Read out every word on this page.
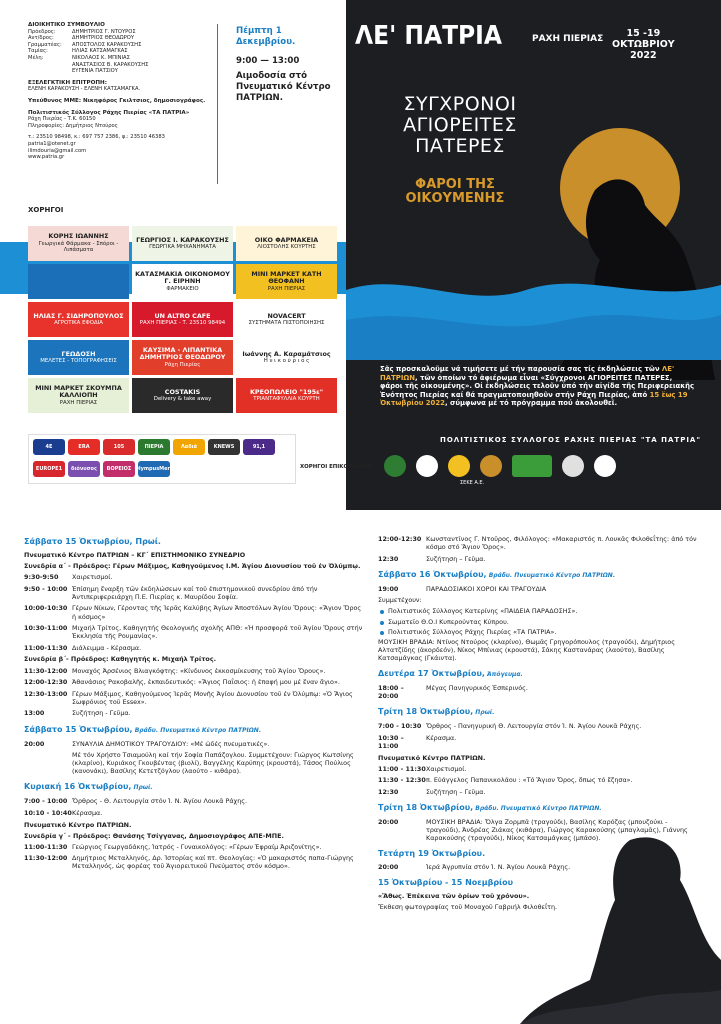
ΔΙΟΙΚΗΤΙΚΟ ΣΥΜΒΟΥΛΙΟ
Πρόεδρος:	ΔΗΜΗΤΡΙΟΣ Γ. ΝΤΟΥΡΟΣ
Αντ/δρος:	ΔΗΜΗΤΡΙΟΣ ΘΕΟΔΩΡΟΥ
Γραμματέας:	ΑΠΟΣΤΟΛΟΣ ΚΑΡΑΚΟΥΣΗΣ
Ταμίας:	ΗΛΙΑΣ ΚΑΤΣΑΜΑΓΚΑΣ
Μέλη:	ΝΙΚΟΛΑΟΣ Κ. ΜΠΙΝΙΑΣ
ΑΝΑΣΤΑΣΙΟΣ Β. ΚΑΡΑΚΟΥΣΗΣ
ΕΥΓΕΝΙΑ ΠΑΤΣΙΟΥ
ΕΞΕΛΕΓΚΤΙΚΗ ΕΠΙΤΡΟΠΗ:
ΕΛΕΝΗ ΚΑΡΑΚΟΥΣΗ - ΕΛΕΝΗ ΚΑΤΣΑΜΑΓΚΑ.
Υπεύθυνος ΜΜΕ: Νικηφόρος Γκιλτσιος, δημοσιογράφος.
Πολιτιστικός Σύλλογος Ράχης Πιερίας «ΤΑ ΠΑΤΡΙΑ»
Ράχη Πιερίας - Τ.Κ. 60150
Πληροφορίες: Δημήτριος Ντούρος
τ.: 23510 98498, κ.: 697 757 2386, φ.: 23510 46383
patria1@otenet.gr
ilimdouria@gmail.com
www.patria.gr
Πέμπτη 1 Δεκεμβρίου.
9:00 — 13:00
Αιμοδοσία στό Πνευματικό Κέντρο ΠΑΤΡΙΩΝ.
ΛΕ' ΠΑΤΡΙΑ	ΡΑΧΗ ΠΙΕΡΙΑΣ	15 -19
ΟΚΤΩΒΡΙΟΥ
2022
ΣΥΓΧΡΟΝΟΙ ΑΓΙΟΡΕΙΤΕΣ ΠΑΤΕΡΕΣ
ΦΑΡΟΙ ΤΗΣ ΟΙΚΟΥΜΕΝΗΣ
Σᾶς προσκαλοῦμε νά τιμήσετε μέ τήν παρουσία σας τίς ἐκδηλώσεις τῶν ΛΕ' ΠΑΤΡΙΩΝ, τῶν ὁποίων τό ἀφιέρωμα εἶναι «Σύγχρονοι ΑΓΙΟΡΕΙΤΕΣ ΠΑΤΕΡΕΣ, φάροι τῆς οἰκουμένης». Οἱ ἐκδηλώσεις τελοῦν ὑπό τήν αἰγίδα τῆς Περιφερειακῆς Ἑνότητος Πιερίας καί θά πραγματοποιηθοῦν στήν Ράχη Πιερίας, ἀπό 15 ἕως 19 Ὀκτωβρίου 2022, σύμφωνα μέ τό πρόγραμμα πού ἀκολουθεῖ.
ΠΟΛΙΤΙΣΤΙΚΟΣ ΣΥΛΛΟΓΟΣ ΡΑΧΗΣ ΠΙΕΡΙΑΣ "ΤΑ ΠΑΤΡΙΑ"
ΣΕΚΕ Α.Ε.
ΧΟΡΗΓΟΙ
ΚΟΡΗΣ ΙΩΑΝΝΗΣ
Γεωργικά Φάρμακα - Σπόροι - Λιπάσματα
ΓΕΩΡΓΙΟΣ Ι. ΚΑΡΑΚΟΥΣΗΣ
ΓΕΩΡΓΙΚΑ ΜΗΧΑΝΗΜΑΤΑ
ΟΙΚΟ ΦΑΡΜΑΚΕΙΑ
ΛΙΟΣΤΟΛΗΣ ΚΟΥΡΤΗΣ
ΚΑΤΑΣΜΑΚΙΑ ΟΙΚΟΝΟΜΟΥ Γ. ΕΙΡΗΝΗ
ΦΑΡΜΑΚΕΙΟ
MINI ΜΑΡΚΕΤ ΚΑΤΗ ΘΕΟΦΑΝΗ
ΡΑΧΗ ΠΙΕΡΙΑΣ
ΗΛΙΑΣ Γ. ΣΙΔΗΡΟΠΟΥΛΟΣ
ΑΓΡΟΤΙΚΑ ΕΦΟΔΙΑ
UN ALTRO CAFE
ΡΑΧΗ ΠΙΕΡΙΑΣ - Τ. 23510 98494
NOVACERT
ΣΥΣΤΗΜΑΤΑ ΠΙΣΤΟΠΟΙΗΣΗΣ
ΓΕΩΔΟΣΗ
ΜΕΛΕΤΕΣ - ΤΟΠΟΓΡΑΦΗΣΕΙΣ
ΚΑΥΣΙΜΑ - ΛΙΠΑΝΤΙΚΑ ΔΗΜΗΤΡΙΟΣ ΘΕΟΔΩΡΟΥ
Ράχη Πιερίας
Ιωάννης Α. Καραμάτσιος
Η ν ι κ ο ύ ρ ι ο ς
MINI ΜΑΡΚΕΤ ΣΚΟΥΜΠΑ ΚΑΛΛΙΟΠΗ
ΡΑΧΗ ΠΙΕΡΙΑΣ
COSTAKIS
Delivery & take away
ΚΡΕΟΠΩΛΕΙΟ "195ε"
ΤΡΙΑΝΤΑΦΥΛΛΙΑ ΚΟΥΡΤΗ
4E	ERA	105	ΠΙΕΡΙΑ	Λαδιά	KNEWS	91,1
EUROPE1	διόνυσος	ΒΟΡΕΙΟΣ OlympusMera	ΧΟΡΗΓΟΙ ΕΠΙΚΟΙΝΩΝΙΑΣ
Σάββατο 15 Ὀκτωβρίου, Πρωί.
Πνευματικό Κέντρο ΠΑΤΡΙΩΝ – ΚΓ΄ ΕΠΙΣΤΗΜΟΝΙΚΟ ΣΥΝΕΔΡΙΟ
Συνεδρία α΄ - Πρόεδρος: Γέρων Μάξιμος, Καθηγούμενος Ι.Μ. Ἁγίου Διονυσίου τοῦ ἐν Ὀλύμπῳ.
9:30-9:50	Χαιρετισμοί.
9:50 - 10:00 Ἐπίσημη ἔναρξη τῶν ἐκδηλώσεων καί τοῦ ἐπιστημονικοῦ συνεδρίου ἀπό τήν Ἀντιπεριφερειάρχη Π.Ε. Πιερίας κ. Μαυρίδου Σοφία.
10:00-10:30 Γέρων Νίκων, Γέροντας τῆς Ἱερᾶς Καλύβης Ἁγίων Ἀποστόλων Ἁγίου Ὄρους: «Ἅγιον Ὄρος ἡ κόσμος»
10:30-11:00 Μιχαήλ Τρίτος, Καθηγητής Θεολογικῆς σχολῆς ΑΠΘ: «Ἡ προσφορά τοῦ Ἁγίου Ὄρους στήν Ἐκκλησία τῆς Ρουμανίας».
11:00-11:30 Διάλειμμα - Κέρασμα.
Συνεδρία β΄- Πρόεδρος: Καθηγητής κ. Μιχαήλ Τρίτος.
11:30-12:00 Μοναχός Ἀρσένιος Βλιαγκόφτης: «Κίνδυνος ἐκκοσμίκευσης τοῦ Ἁγίου Ὄρους».
12:00-12:30 Ἀθανάσιος Ρακοβαλῆς, ἐκπαιδευτικός: «Ἅγιος Παΐσιος: ἡ ἐπαφή μου μέ ἕναν ἅγιο».
12:30-13:00 Γέρων Μάξιμος, Καθηγούμενος Ἱερᾶς Μονῆς Ἁγίου Διονυσίου τοῦ ἐν Ὀλύμπῳ: «Ὁ Ἅγιος Σωφρόνιος τοῦ Essex».
13:00	Συζήτηση - Γεῦμα.
Σάββατο 15 Ὀκτωβρίου, Βράδυ. Πνευματικό Κέντρο ΠΑΤΡΙΩΝ.
20:00	ΣΥΝΑΥΛΙΑ ΔΗΜΟΤΙΚΟΥ ΤΡΑΓΟΥΔΙΟΥ: «Μέ ὠδές πνευματικές».
Μέ τόν Χρήστο Τσιαμούλη καί τήν Σοφία Παπάζογλου. Συμμετέχουν: Γιώργος Κωτσίνης (κλαρίνο), Κυριάκος Γκουβέντας (βιολί), Βαγγέλης Καρύπης (κρουστά), Τάσος Πούλιος (κανονάκι), Βασίλης Κετετζόγλου (λαούτο - κιθάρα).
Κυριακή 16 Ὀκτωβρίου, Πρωί.
7:00 - 10:00 Ὄρθρος - Θ. Λειτουργία στόν Ἱ. Ν. Ἁγίου Λουκᾶ Ράχης.
10:10 - 10:40 Κέρασμα.
Πνευματικό Κέντρο ΠΑΤΡΙΩΝ.
Συνεδρία γ΄ - Πρόεδρος: Θανάσης Τσίγγανας, Δημοσιογράφος ΑΠΕ-ΜΠΕ.
11:00-11:30 Γεώργιος Γεωργαδάκης, Ἰατρός - Γυναικολόγος: «Γέρων Ἐφραίμ Ἀριζονίτης».
11:30-12:00 Δημήτριος Μεταλληνός, Δρ. Ἱστορίας καί πτ. Θεολογίας: «Ὁ μακαριστός παπα-Γιώργης Μεταλληνός, ὡς φορέας τοῦ Ἁγιορειτικοῦ Πνεύματος στόν κόσμο».
12:00-12:30 Κωνσταντῖνος Γ. Ντοῦρος, Φιλόλογος: «Μακαριστός π. Λουκᾶς Φιλοθεΐτης: ἀπό τόν κόσμο στό Ἅγιον Ὄρος».
12:30	Συζήτηση – Γεῦμα.
Σάββατο 16 Ὀκτωβρίου, Βράδυ. Πνευματικό Κέντρο ΠΑΤΡΙΩΝ.
19:00	ΠΑΡΑΔΟΣΙΑΚΟΙ ΧΟΡΟΙ ΚΑΙ ΤΡΑΓΟΥΔΙΑ
Συμμετέχουν:
Πολιτιστικός Σύλλογος Κατερίνης «ΠΑΙΔΕΙΑ ΠΑΡΑΔΟΣΗΣ».
Σωματεῖο Θ.Ο.Ι Κυπερούντας Κύπρου.
Πολιτιστικός Σύλλογος Ράχης Πιερίας «ΤΑ ΠΑΤΡΙΑ».
ΜΟΥΣΙΚΗ ΒΡΑΔΙΑ: Ντίνος Ντούρος (κλαρίνο), Θωμᾶς Γρηγορόπουλος (τραγούδι), Δημήτριος Αλτατζίδης (ἀκορδεόν), Νίκος Μπίνιας (κρουστά), Σάκης Καστανάρας (λαούτο), Βασίλης Κατσαμάγκας (Γκάιντα).
Δευτέρα 17 Ὀκτωβρίου, Ἀπόγευμα.
18:00 – 20:00
Μέγας Πανηγυρικός Ἑσπερινός.
Τρίτη 18 Ὀκτωβρίου, Πρωί.
7:00 - 10:30 Ὄρθρος - Πανηγυρική Θ. Λειτουργία στόν Ἱ. Ν. Ἁγίου Λουκᾶ Ράχης.
10:30 – 11:00
Κέρασμα.
Πνευματικό Κέντρο ΠΑΤΡΙΩΝ.
11:00 - 11:30 Χαιρετισμοί.
11:30 - 12:30 π. Εὐάγγελος Παπανικολάου : «Τό Ἅγιον Ὄρος, ὅπως τό ἔζησα».
12:30	Συζήτηση – Γεῦμα.
Τρίτη 18 Ὀκτωβρίου, Βράδυ. Πνευματικό Κέντρο ΠΑΤΡΙΩΝ.
20:00	ΜΟΥΣΙΚΗ ΒΡΑΔΙΑ: Ὄλγα Ζορμπᾶ (τραγούδι), Βασίλης Καρόζας (μπουζούκι - τραγούδι), Ἀνδρέας Ζιάκας (κιθάρα), Γιώργος Καρακούσης (μπαγλαμᾶς), Γιάννης Καρακούσης (τραγούδι), Νίκος Κατσαμάγκας (μπάσο).
Τετάρτη 19 Ὀκτωβρίου.
20:00	Ἱερά Ἀγρυπνία στόν Ἱ. Ν. Ἁγίου Λουκᾶ Ράχης.
15 Ὀκτωβρίου - 15 Νοεμβρίου
«Ἄθως. Ἐπέκεινα τῶν ὁρίων τοῦ χρόνου».
Ἔκθεση φωτογραφίας τοῦ Μοναχοῦ Γαβριήλ Φιλοθεΐτη.
